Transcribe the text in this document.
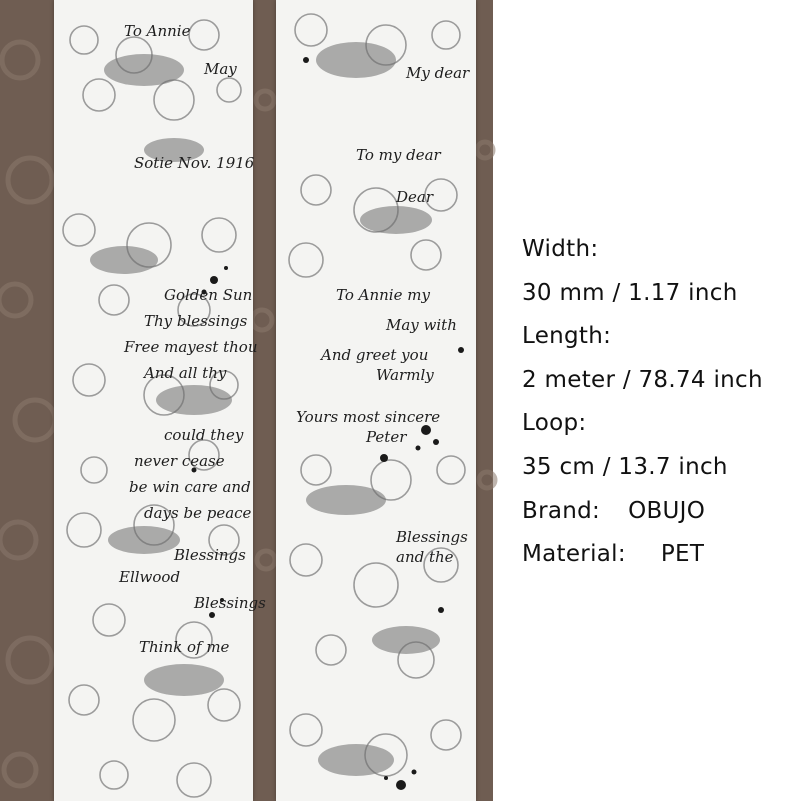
To Annie
May
Sotie Nov. 1916
Golden Sun
Thy blessings
Free mayest thou
And all thy
could they
never cease
be win care and
days be peace
Blessings
Ellwood
Blessings
Think of me
My dear
To my dear
Dear
To Annie my
May with
And greet you
Warmly
Yours most sincere
Peter
Blessings
and the
Width:
30 mm / 1.17 inch
Length:
2 meter / 78.74 inch
Loop:
35 cm / 13.7 inch
Brand: OBUJO
Material: PET
